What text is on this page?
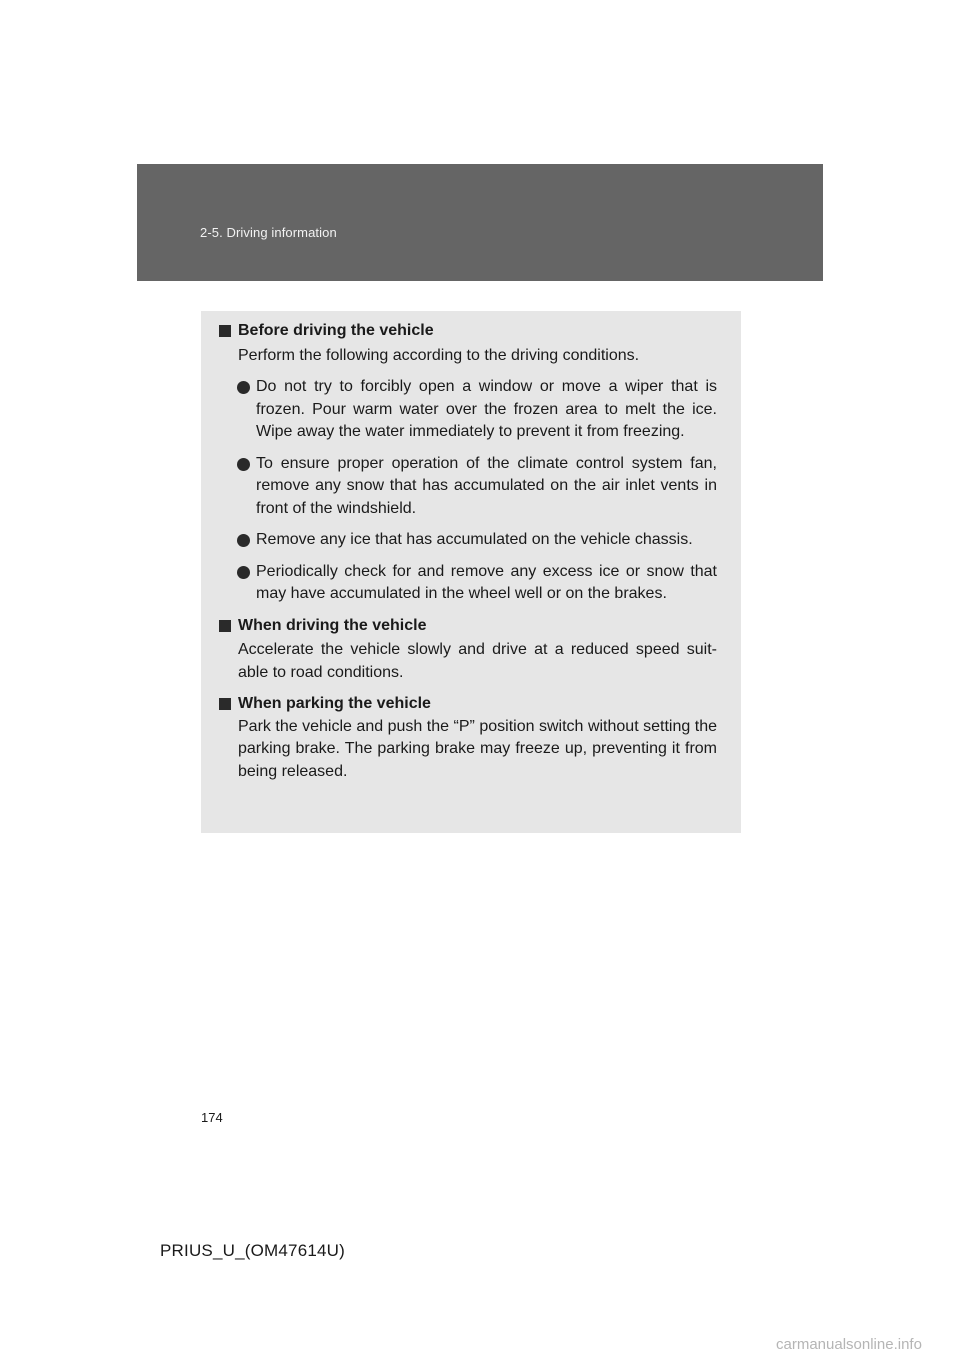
2-5. Driving information
Before driving the vehicle
Perform the following according to the driving conditions.
Do not try to forcibly open a window or move a wiper that is frozen. Pour warm water over the frozen area to melt the ice. Wipe away the water immediately to prevent it from freezing.
To ensure proper operation of the climate control system fan, remove any snow that has accumulated on the air inlet vents in front of the windshield.
Remove any ice that has accumulated on the vehicle chassis.
Periodically check for and remove any excess ice or snow that may have accumulated in the wheel well or on the brakes.
When driving the vehicle
Accelerate the vehicle slowly and drive at a reduced speed suit-able to road conditions.
When parking the vehicle
Park the vehicle and push the “P” position switch without setting the parking brake. The parking brake may freeze up, preventing it from being released.
174
PRIUS_U_(OM47614U)
carmanualsonline.info
